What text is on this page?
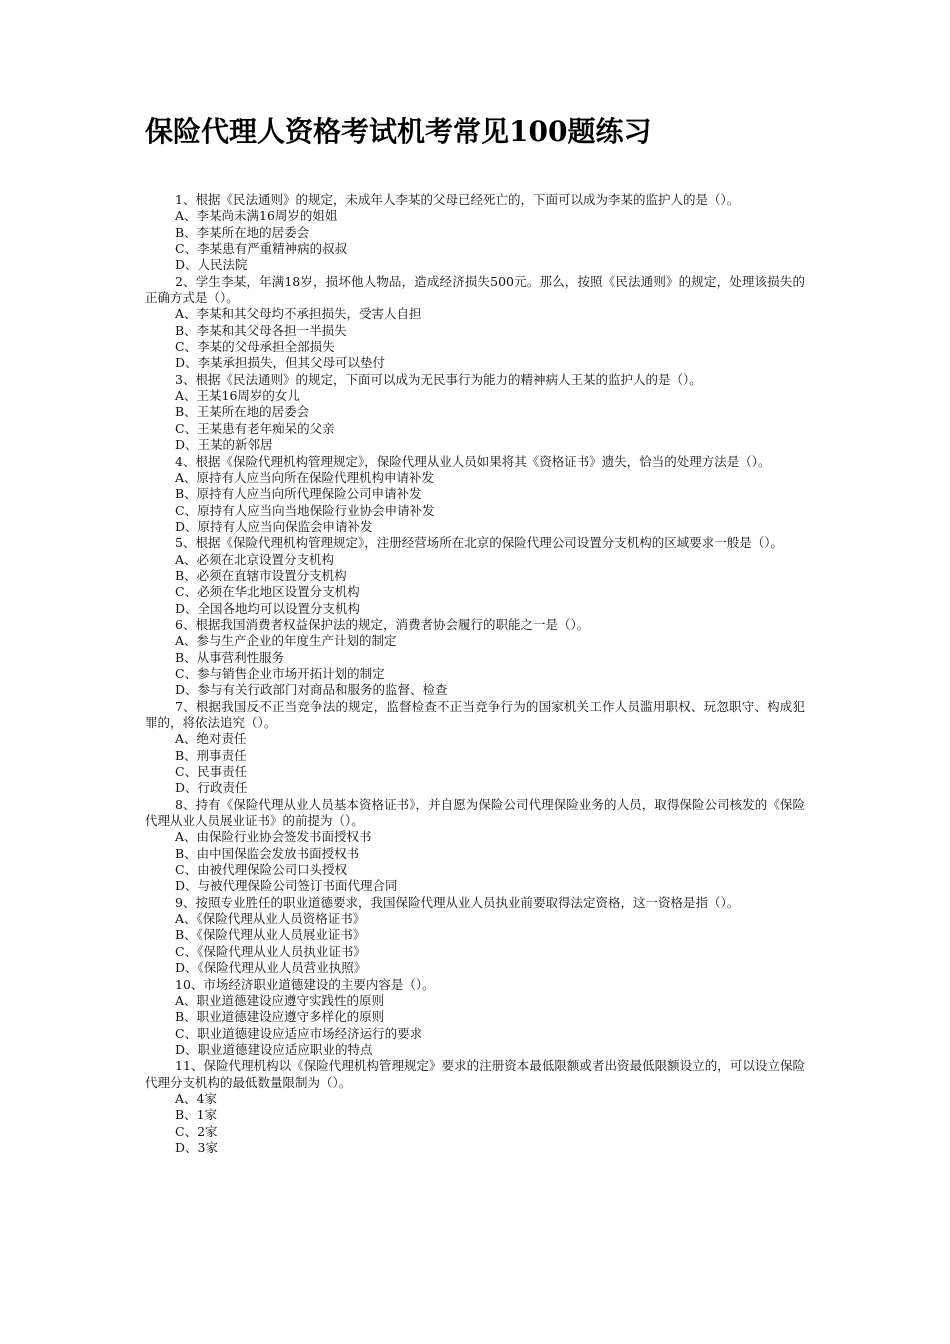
保险代理人资格考试机考常见100题练习

1、根据《民法通则》的规定，未成年人李某的父母已经死亡的，下面可以成为李某的监护人的是（）。

A、李某尚未满16周岁的姐姐

B、李某所在地的居委会

C、李某患有严重精神病的叔叔

D、人民法院

2、学生李某，年满18岁，损坏他人物品，造成经济损失500元。那么，按照《民法通则》的规定，处理该损失的正确方式是（）。

A、李某和其父母均不承担损失，受害人自担

B、李某和其父母各担一半损失

C、李某的父母承担全部损失

D、李某承担损失，但其父母可以垫付

3、根据《民法通则》的规定，下面可以成为无民事行为能力的精神病人王某的监护人的是（）。

A、王某16周岁的女儿

B、王某所在地的居委会

C、王某患有老年痴呆的父亲

D、王某的新邻居

4、根据《保险代理机构管理规定》，保险代理从业人员如果将其《资格证书》遗失，恰当的处理方法是（）。

A、原持有人应当向所在保险代理机构申请补发

B、原持有人应当向所代理保险公司申请补发

C、原持有人应当向当地保险行业协会申请补发

D、原持有人应当向保监会申请补发

5、根据《保险代理机构管理规定》，注册经营场所在北京的保险代理公司设置分支机构的区域要求一般是（）。

A、必须在北京设置分支机构

B、必须在直辖市设置分支机构

C、必须在华北地区设置分支机构

D、全国各地均可以设置分支机构

6、根据我国消费者权益保护法的规定，消费者协会履行的职能之一是（）。

A、参与生产企业的年度生产计划的制定

B、从事营利性服务

C、参与销售企业市场开拓计划的制定

D、参与有关行政部门对商品和服务的监督、检查

7、根据我国反不正当竞争法的规定，监督检查不正当竞争行为的国家机关工作人员滥用职权、玩忽职守、构成犯罪的，将依法追究（）。

A、绝对责任

B、刑事责任

C、民事责任

D、行政责任

8、持有《保险代理从业人员基本资格证书》，并自愿为保险公司代理保险业务的人员，取得保险公司核发的《保险代理从业人员展业证书》的前提为（）。

A、由保险行业协会签发书面授权书

B、由中国保监会发放书面授权书

C、由被代理保险公司口头授权

D、与被代理保险公司签订书面代理合同

9、按照专业胜任的职业道德要求，我国保险代理从业人员执业前要取得法定资格，这一资格是指（）。

A、《保险代理从业人员资格证书》

B、《保险代理从业人员展业证书》

C、《保险代理从业人员执业证书》

D、《保险代理从业人员营业执照》

10、市场经济职业道德建设的主要内容是（）。

A、职业道德建设应遵守实践性的原则

B、职业道德建设应遵守多样化的原则

C、职业道德建设应适应市场经济运行的要求

D、职业道德建设应适应职业的特点

11、保险代理机构以《保险代理机构管理规定》要求的注册资本最低限额或者出资最低限额设立的，可以设立保险代理分支机构的最低数量限制为（）。

A、4家

B、1家

C、2家

D、3家
